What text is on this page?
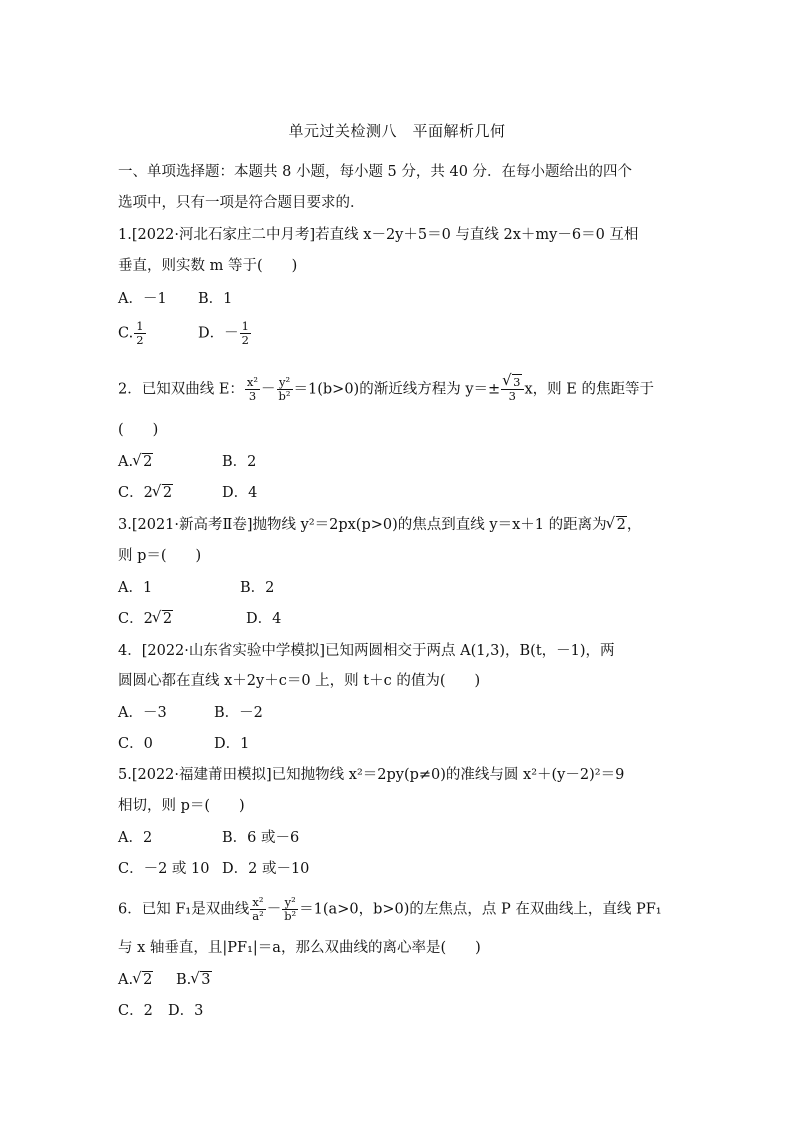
单元过关检测八　平面解析几何
一、单项选择题：本题共 8 小题，每小题 5 分，共 40 分．在每小题给出的四个
选项中，只有一项是符合题目要求的．
1.[2022·河北石家庄二中月考]若直线 x－2y＋5＝0 与直线 2x＋my－6＝0 互相
垂直，则实数 m 等于(　　)
A．－1 B．1
C. $\frac{1}{2}$	D．－ $\frac{1}{2}$
2．已知双曲线 E： $\frac{\text{x²}}{3} - \frac{\text{y²}}{\text{b²}} =1(b>0)$的渐近线方程为 y＝± √ $\frac{3}{3}$ x，则 E 的焦距等于
(　　)
A. √ 2	B．2
C．2 √ 2	D．4
3.[2021·新高考Ⅱ卷]抛物线 y²＝2px(p>0)的焦点到直线 y＝x＋1 的距离为 √ 2，
则 p＝(　　)
A．1	B．2
C．2 √ 2	D．4
4．[2022·山东省实验中学模拟]已知两圆相交于两点 A(1,3)，B(t，－1)，两
圆圆心都在直线 x＋2y＋c＝0 上，则 t＋c 的值为(　　)
A．－3	B．－2
C．0	D．1
5.[2022·福建莆田模拟]已知抛物线 x²＝2py(p≠0)的准线与圆 x²＋(y－2)²＝9
相切，则 p＝(　　)
A．2	B．6 或－6
C．－2 或 10 D．2 或－10
6．已知 F₁是双曲线 $\frac{\text{x²}}{\text{a²}} - \frac{\text{y²}}{\text{b²}} =1(a>0$，b>0)的左焦点，点 P 在双曲线上，直线 PF₁
与 x 轴垂直，且|PF₁|＝a，那么双曲线的离心率是(　　)
A. √ 2 B. √ 3
C．2 D．3
